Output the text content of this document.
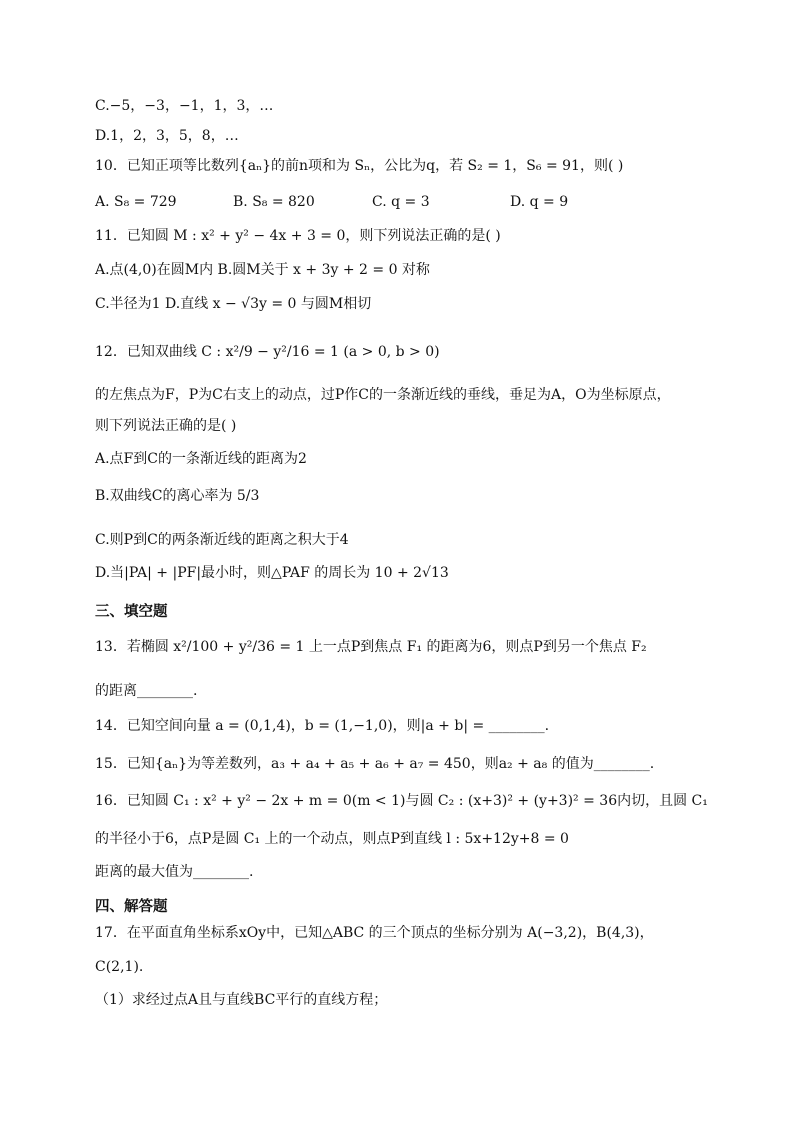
C.−5，−3，−1，1，3，…
D.1，2，3，5，8，…
10．已知正项等比数列{aₙ}的前n项和为 Sₙ，公比为q，若 S₂ = 1，S₆ = 91，则( )
A. S₈ = 729	B. S₈ = 820	C. q = 3	D. q = 9
11．已知圆 M : x² + y² − 4x + 3 = 0，则下列说法正确的是( )
A.点(4,0)在圆M内 B.圆M关于 x + 3y + 2 = 0 对称
C.半径为1 D.直线 x − √3y = 0 与圆M相切
12．已知双曲线 C : x²/9 − y²/16 = 1 (a > 0, b > 0)
的左焦点为F，P为C右支上的动点，过P作C的一条渐近线的垂线，垂足为A，O为坐标原点，
则下列说法正确的是( )
A.点F到C的一条渐近线的距离为2
B.双曲线C的离心率为 5/3
C.则P到C的两条渐近线的距离之积大于4
D.当|PA| + |PF|最小时，则△PAF 的周长为 10 + 2√13
三、填空题
13．若椭圆 x²/100 + y²/36 = 1 上一点P到焦点 F₁ 的距离为6，则点P到另一个焦点 F₂
的距离________.
14．已知空间向量 a = (0,1,4)，b = (1,−1,0)，则|a + b| = ________.
15．已知{aₙ}为等差数列，a₃ + a₄ + a₅ + a₆ + a₇ = 450，则a₂ + a₈ 的值为________.
16．已知圆 C₁ : x² + y² − 2x + m = 0(m < 1)与圆 C₂ : (x+3)² + (y+3)² = 36内切，且圆 C₁
的半径小于6，点P是圆 C₁ 上的一个动点，则点P到直线 l : 5x+12y+8 = 0
距离的最大值为________.
四、解答题
17．在平面直角坐标系xOy中，已知△ABC 的三个顶点的坐标分别为 A(−3,2)，B(4,3)，
C(2,1).
（1）求经过点A且与直线BC平行的直线方程；
